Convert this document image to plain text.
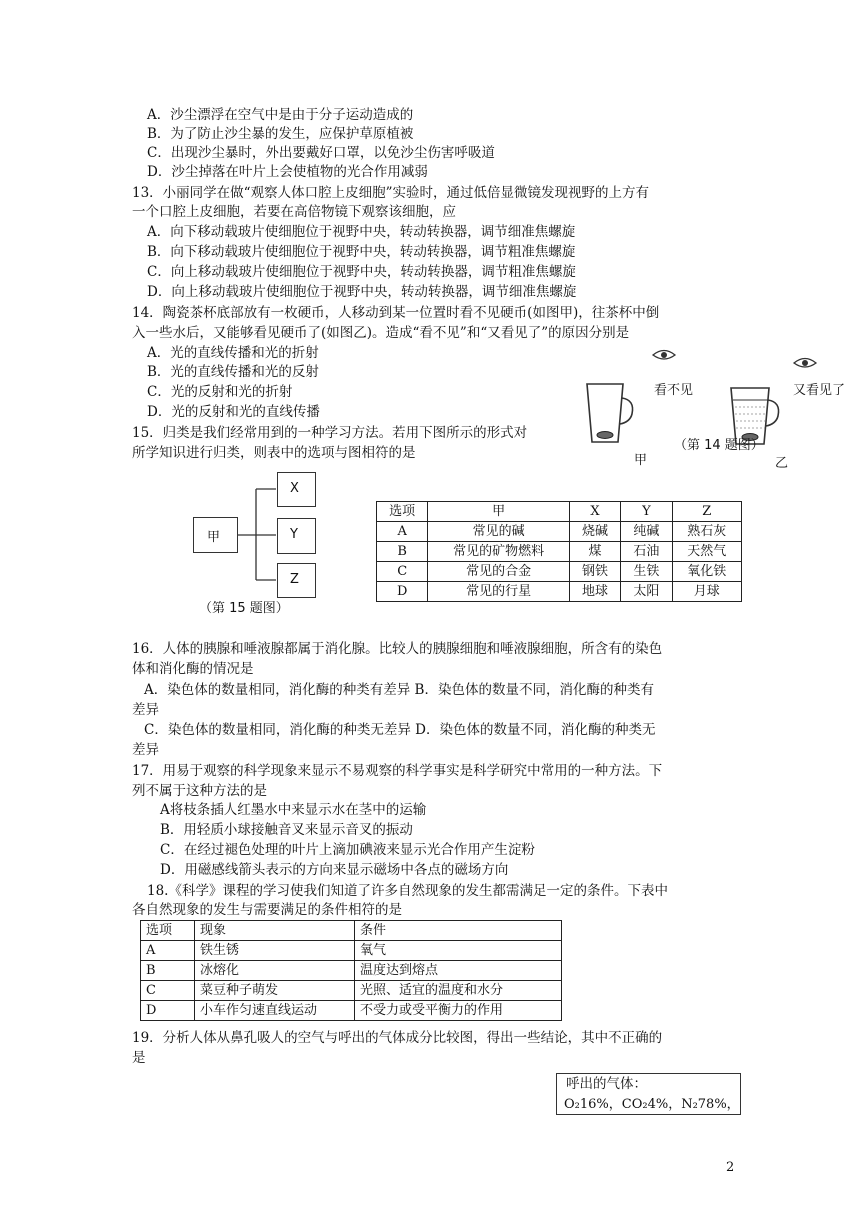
A．沙尘漂浮在空气中是由于分子运动造成的
B．为了防止沙尘暴的发生，应保护草原植被
C．出现沙尘暴时，外出要戴好口罩，以免沙尘伤害呼吸道
D．沙尘掉落在叶片上会使植物的光合作用减弱
13．小丽同学在做“观察人体口腔上皮细胞”实验时，通过低倍显微镜发现视野的上方有
一个口腔上皮细胞，若要在高倍物镜下观察该细胞，应
A．向下移动载玻片使细胞位于视野中央，转动转换器，调节细准焦螺旋
B．向下移动载玻片使细胞位于视野中央，转动转换器，调节粗准焦螺旋
C．向上移动载玻片使细胞位于视野中央，转动转换器，调节粗准焦螺旋
D．向上移动载玻片使细胞位于视野中央，转动转换器，调节细准焦螺旋
14．陶瓷茶杯底部放有一枚硬币，人移动到某一位置时看不见硬币(如图甲)，往茶杯中倒
入一些水后，又能够看见硬币了(如图乙)。造成“看不见”和“又看见了”的原因分别是
A．光的直线传播和光的折射
B．光的直线传播和光的反射
C．光的反射和光的折射
D．光的反射和光的直线传播
看不见	又看见了
甲	乙
（第 14 题图）
15．归类是我们经常用到的一种学习方法。若用下图所示的形式对
所学知识进行归类，则表中的选项与图相符的是
甲
X
Y
Z
（第 15 题图）
选项	甲	X	Y	Z
A	常见的碱	烧碱	纯碱	熟石灰
B	常见的矿物燃料	煤	石油	天然气
C	常见的合金	钢铁	生铁	氧化铁
D	常见的行星	地球	太阳	月球
16．人体的胰腺和唾液腺都属于消化腺。比较人的胰腺细胞和唾液腺细胞，所含有的染色
体和消化酶的情况是
A．染色体的数量相同，消化酶的种类有差异 B．染色体的数量不同，消化酶的种类有
差异
C．染色体的数量相同，消化酶的种类无差异 D．染色体的数量不同，消化酶的种类无
差异
17．用易于观察的科学现象来显示不易观察的科学事实是科学研究中常用的一种方法。下
列不属于这种方法的是
A将枝条插人红墨水中来显示水在茎中的运输
B．用轻质小球接触音叉来显示音叉的振动
C．在经过褪色处理的叶片上滴加碘液来显示光合作用产生淀粉
D．用磁感线箭头表示的方向来显示磁场中各点的磁场方向
18.《科学》课程的学习使我们知道了许多自然现象的发生都需满足一定的条件。下表中
各自然现象的发生与需要满足的条件相符的是
选项	现象	条件
A	铁生锈	氧气
B	冰熔化	温度达到熔点
C	菜豆种子萌发	光照、适宜的温度和水分
D	小车作匀速直线运动	不受力或受平衡力的作用
19．分析人体从鼻孔吸人的空气与呼出的气体成分比较图，得出一些结论，其中不正确的
是
呼出的气体：
O₂16%，CO₂4%，N₂78%，
2
